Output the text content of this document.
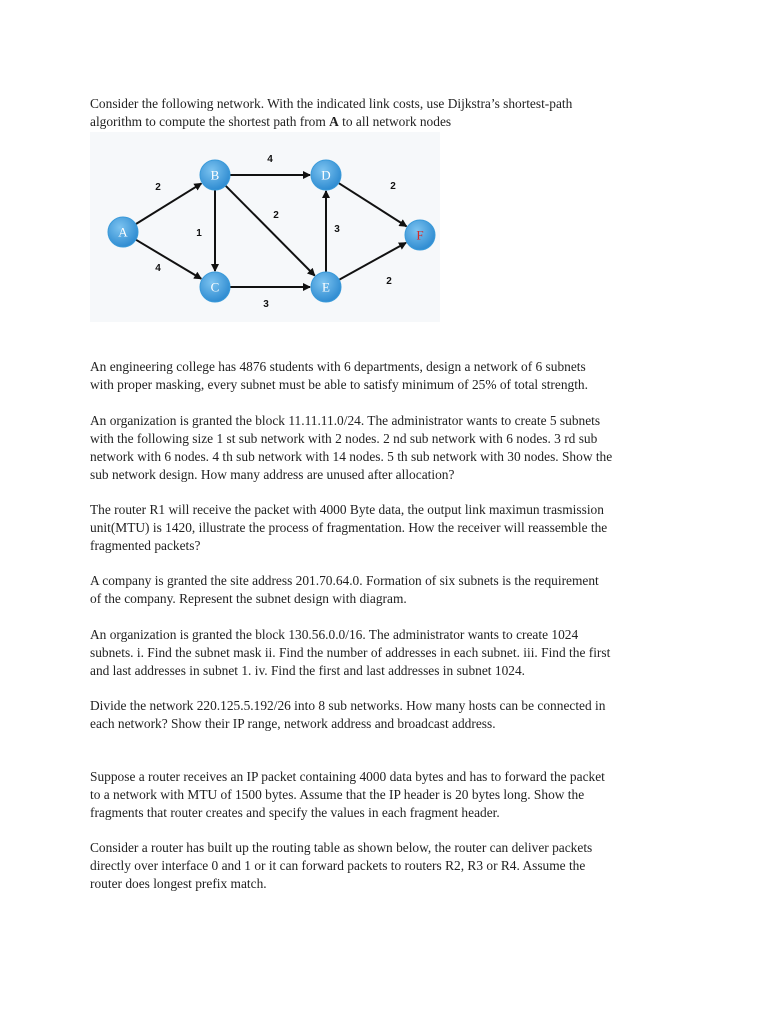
Consider the following network. With the indicated link costs, use Dijkstra’s shortest-path
algorithm to compute the shortest path from A to all network nodes

2
4
4
1
2
3
3
2
2
A
B
C
D
E
F

An engineering college has 4876 students with 6 departments, design a network of 6 subnets
with proper masking, every subnet must be able to satisfy minimum of 25% of total strength.

An organization is granted the block 11.11.11.0/24. The administrator wants to create 5 subnets
with the following size 1 st sub network with 2 nodes. 2 nd sub network with 6 nodes. 3 rd sub
network with 6 nodes. 4 th sub network with 14 nodes. 5 th sub network with 30 nodes. Show the
sub network design. How many address are unused after allocation?

The router R1 will receive the packet with 4000 Byte data, the output link maximun trasmission
unit(MTU) is 1420, illustrate the process of fragmentation. How the receiver will reassemble the
fragmented packets?

A company is granted the site address 201.70.64.0. Formation of six subnets is the requirement
of the company. Represent the subnet design with diagram.

An organization is granted the block 130.56.0.0/16. The administrator wants to create 1024
subnets. i. Find the subnet mask ii. Find the number of addresses in each subnet. iii. Find the first
and last addresses in subnet 1. iv. Find the first and last addresses in subnet 1024.

Divide the network 220.125.5.192/26 into 8 sub networks. How many hosts can be connected in
each network? Show their IP range, network address and broadcast address.

Suppose a router receives an IP packet containing 4000 data bytes and has to forward the packet
to a network with MTU of 1500 bytes. Assume that the IP header is 20 bytes long. Show the
fragments that router creates and specify the values in each fragment header.

Consider a router has built up the routing table as shown below, the router can deliver packets
directly over interface 0 and 1 or it can forward packets to routers R2, R3 or R4. Assume the
router does longest prefix match.
